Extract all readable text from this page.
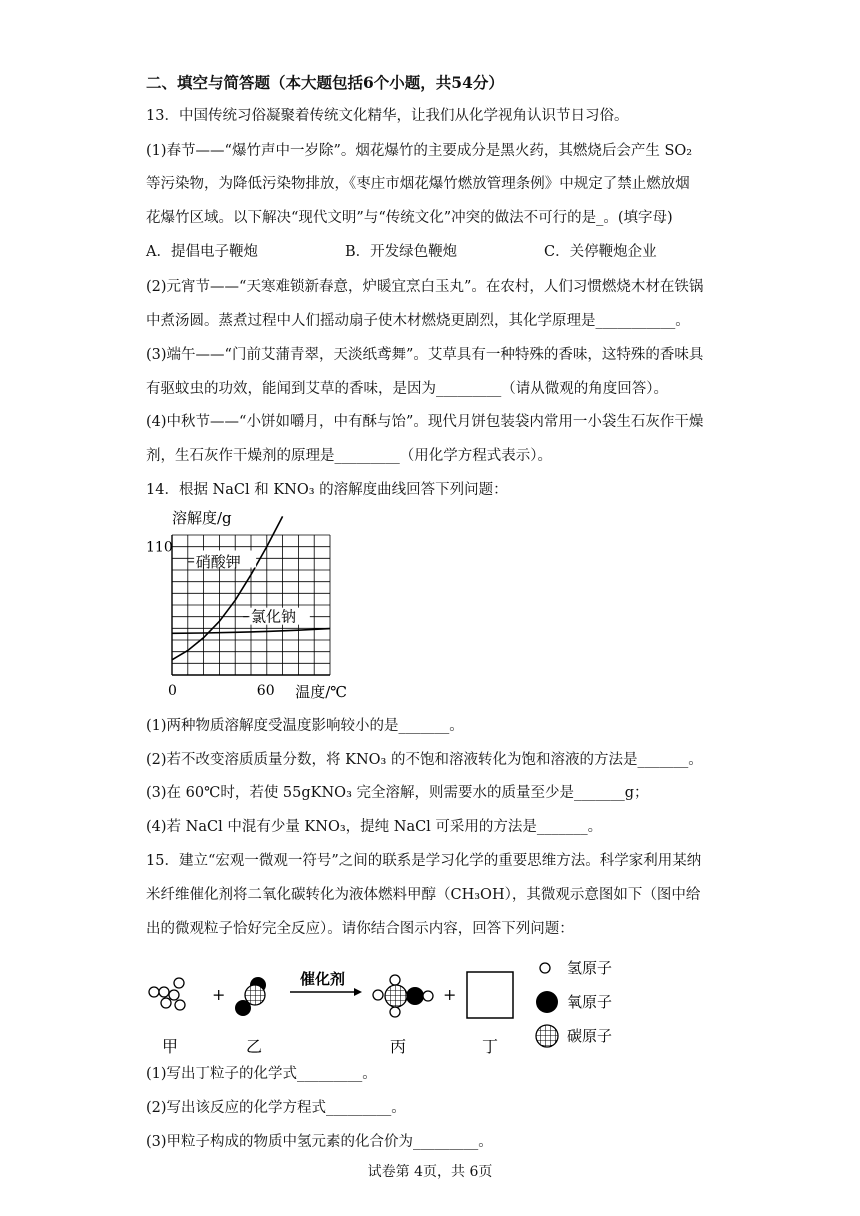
二、填空与简答题（本大题包括6个小题，共54分）
13．中国传统习俗凝聚着传统文化精华，让我们从化学视角认识节日习俗。
(1)春节——“爆竹声中一岁除”。烟花爆竹的主要成分是黑火药，其燃烧后会产生 SO₂
等污染物，为降低污染物排放，《枣庄市烟花爆竹燃放管理条例》中规定了禁止燃放烟
花爆竹区域。以下解决“现代文明”与“传统文化”冲突的做法不可行的是_。(填字母)
A．提倡电子鞭炮	B．开发绿色鞭炮	C．关停鞭炮企业
(2)元宵节——“天寒难锁新春意，炉暖宜烹白玉丸”。在农村，人们习惯燃烧木材在铁锅
中煮汤圆。蒸煮过程中人们摇动扇子使木材燃烧更剧烈，其化学原理是___________。
(3)端午——“门前艾蒲青翠，天淡纸鸢舞”。艾草具有一种特殊的香味，这特殊的香味具
有驱蚊虫的功效，能闻到艾草的香味，是因为_________（请从微观的角度回答）。
(4)中秋节——“小饼如嚼月，中有酥与饴”。现代月饼包装袋内常用一小袋生石灰作干燥
剂，生石灰作干燥剂的原理是_________（用化学方程式表示）。
14．根据 NaCl 和 KNO₃ 的溶解度曲线回答下列问题：
硝酸钾
氯化钠
溶解度/g
110
0	60 温度/℃
(1)两种物质溶解度受温度影响较小的是_______。
(2)若不改变溶质质量分数，将 KNO₃ 的不饱和溶液转化为饱和溶液的方法是_______。
(3)在 60℃时，若使 55gKNO₃ 完全溶解，则需要水的质量至少是_______g；
(4)若 NaCl 中混有少量 KNO₃，提纯 NaCl 可采用的方法是_______。
15．建立“宏观一微观一符号”之间的联系是学习化学的重要思维方法。科学家利用某纳
米纤维催化剂将二氧化碳转化为液体燃料甲醇（CH₃OH），其微观示意图如下（图中给
出的微观粒子恰好完全反应）。请你结合图示内容，回答下列问题：
+
催化剂
+
甲	乙	丙	丁
氢原子
氧原子
碳原子
(1)写出丁粒子的化学式_________。
(2)写出该反应的化学方程式_________。
(3)甲粒子构成的物质中氢元素的化合价为_________。
试卷第 4页，共 6页
